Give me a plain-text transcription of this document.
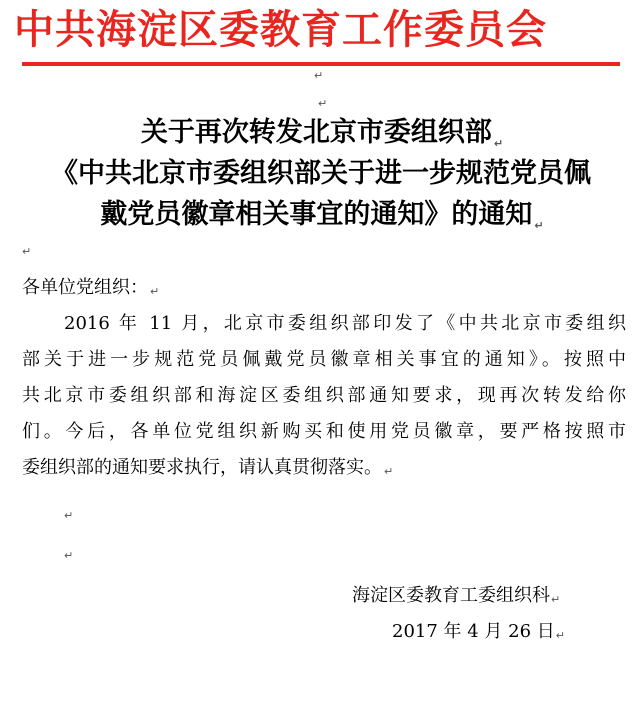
中共海淀区委教育工作委员会
↵
↵
关于再次转发北京市委组织部 $_↵$
《中共北京市委组织部关于进一步规范党员佩
戴党员徽章相关事宜的通知》的通知 $_↵$
↵
各单位党组织： ↵
2016 年 11 月，北京市委组织部印发了《中共北京市委组织
部关于进一步规范党员佩戴党员徽章相关事宜的通知》。按照中
共北京市委组织部和海淀区委组织部通知要求，现再次转发给你
们。今后，各单位党组织新购买和使用党员徽章，要严格按照市
委组织部的通知要求执行，请认真贯彻落实。 ↵
↵
↵
海淀区委教育工委组织科↵
2017 年 4 月 26 日↵
